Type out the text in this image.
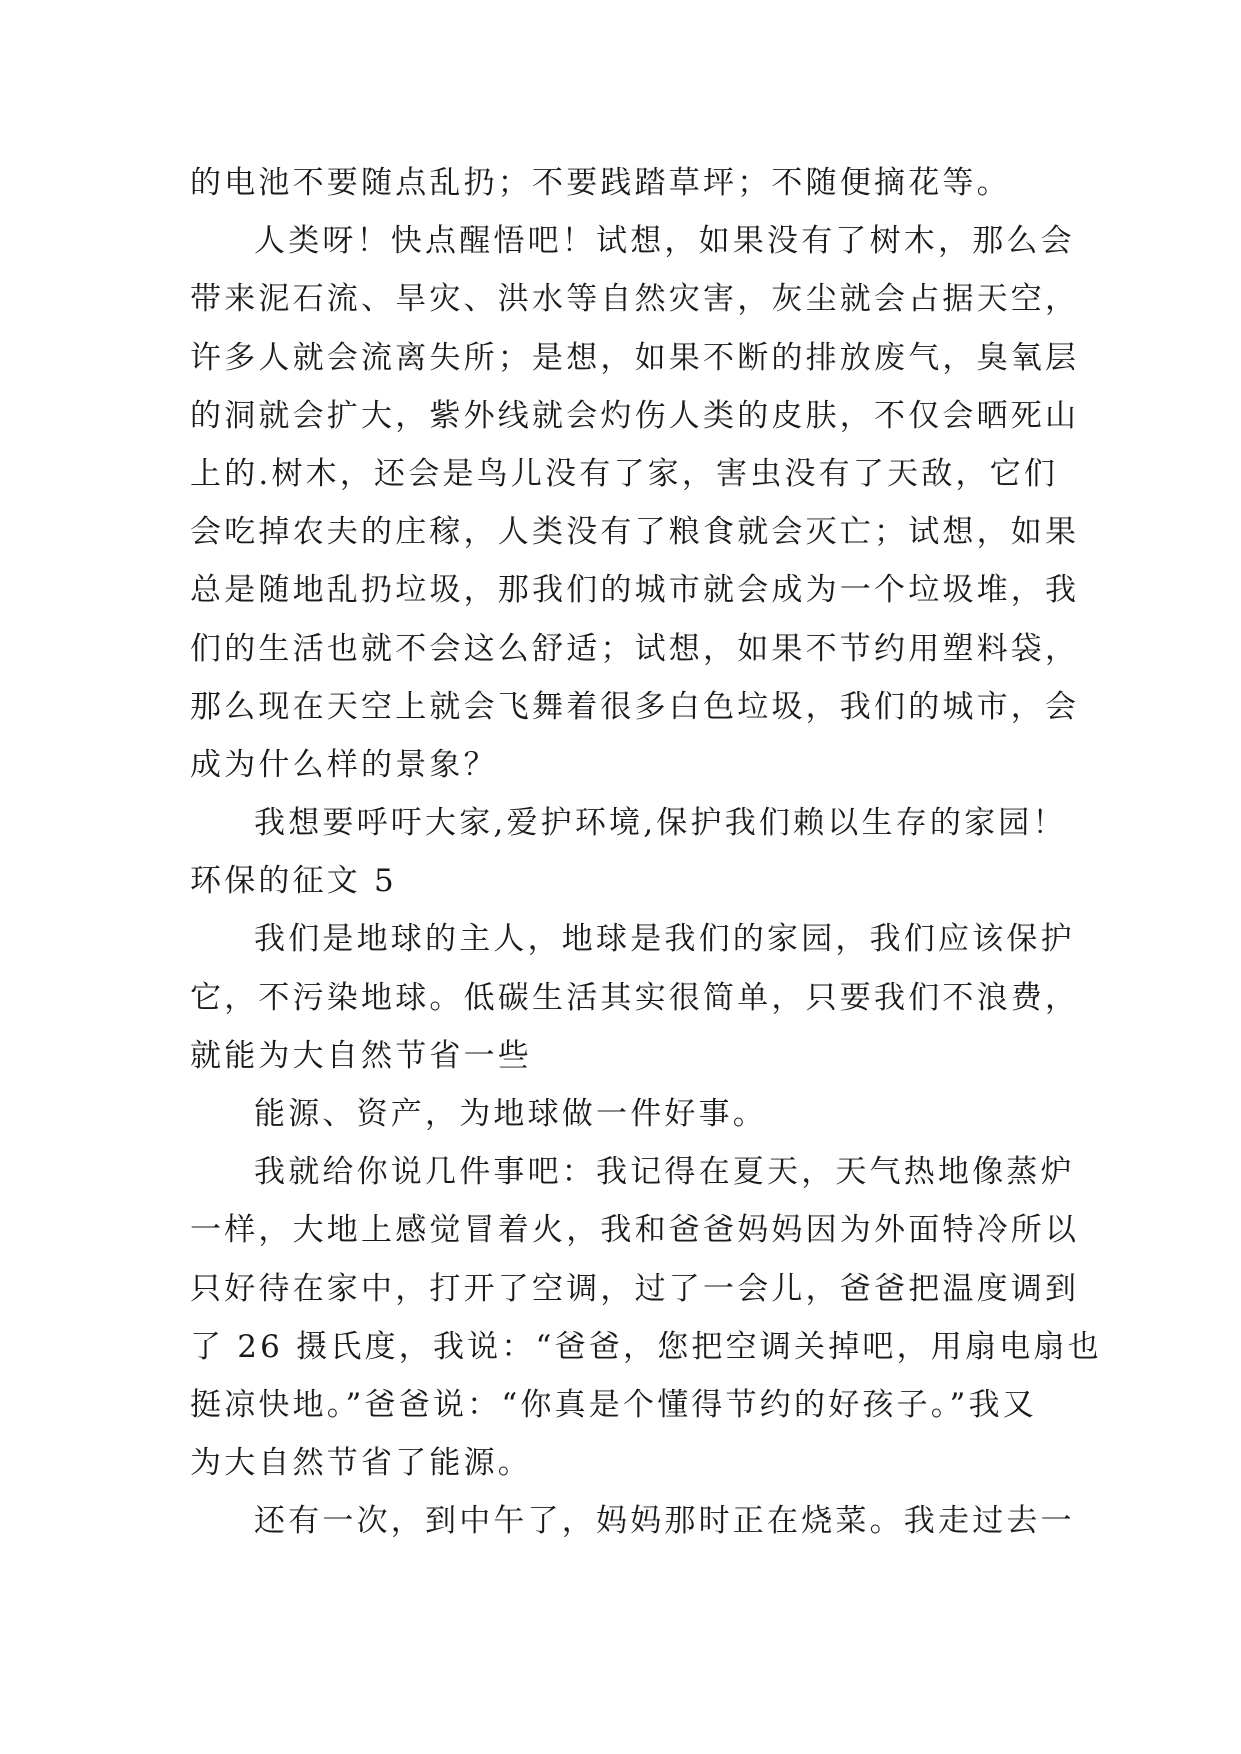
的电池不要随点乱扔；不要践踏草坪；不随便摘花等。
人类呀！快点醒悟吧！试想，如果没有了树木，那么会
带来泥石流、旱灾、洪水等自然灾害，灰尘就会占据天空，
许多人就会流离失所；是想，如果不断的排放废气，臭氧层
的洞就会扩大，紫外线就会灼伤人类的皮肤，不仅会晒死山
上的.树木，还会是鸟儿没有了家，害虫没有了天敌，它们
会吃掉农夫的庄稼，人类没有了粮食就会灭亡；试想，如果
总是随地乱扔垃圾，那我们的城市就会成为一个垃圾堆，我
们的生活也就不会这么舒适；试想，如果不节约用塑料袋，
那么现在天空上就会飞舞着很多白色垃圾，我们的城市，会
成为什么样的景象？
我想要呼吁大家,爱护环境,保护我们赖以生存的家园！
环保的征文 5
我们是地球的主人，地球是我们的家园，我们应该保护
它，不污染地球。低碳生活其实很简单，只要我们不浪费，
就能为大自然节省一些
能源、资产，为地球做一件好事。
我就给你说几件事吧：我记得在夏天，天气热地像蒸炉
一样，大地上感觉冒着火，我和爸爸妈妈因为外面特冷所以
只好待在家中，打开了空调，过了一会儿，爸爸把温度调到
了 26 摄氏度，我说：“爸爸，您把空调关掉吧，用扇电扇也
挺凉快地。”爸爸说：“你真是个懂得节约的好孩子。”我又
为大自然节省了能源。
还有一次，到中午了，妈妈那时正在烧菜。我走过去一
